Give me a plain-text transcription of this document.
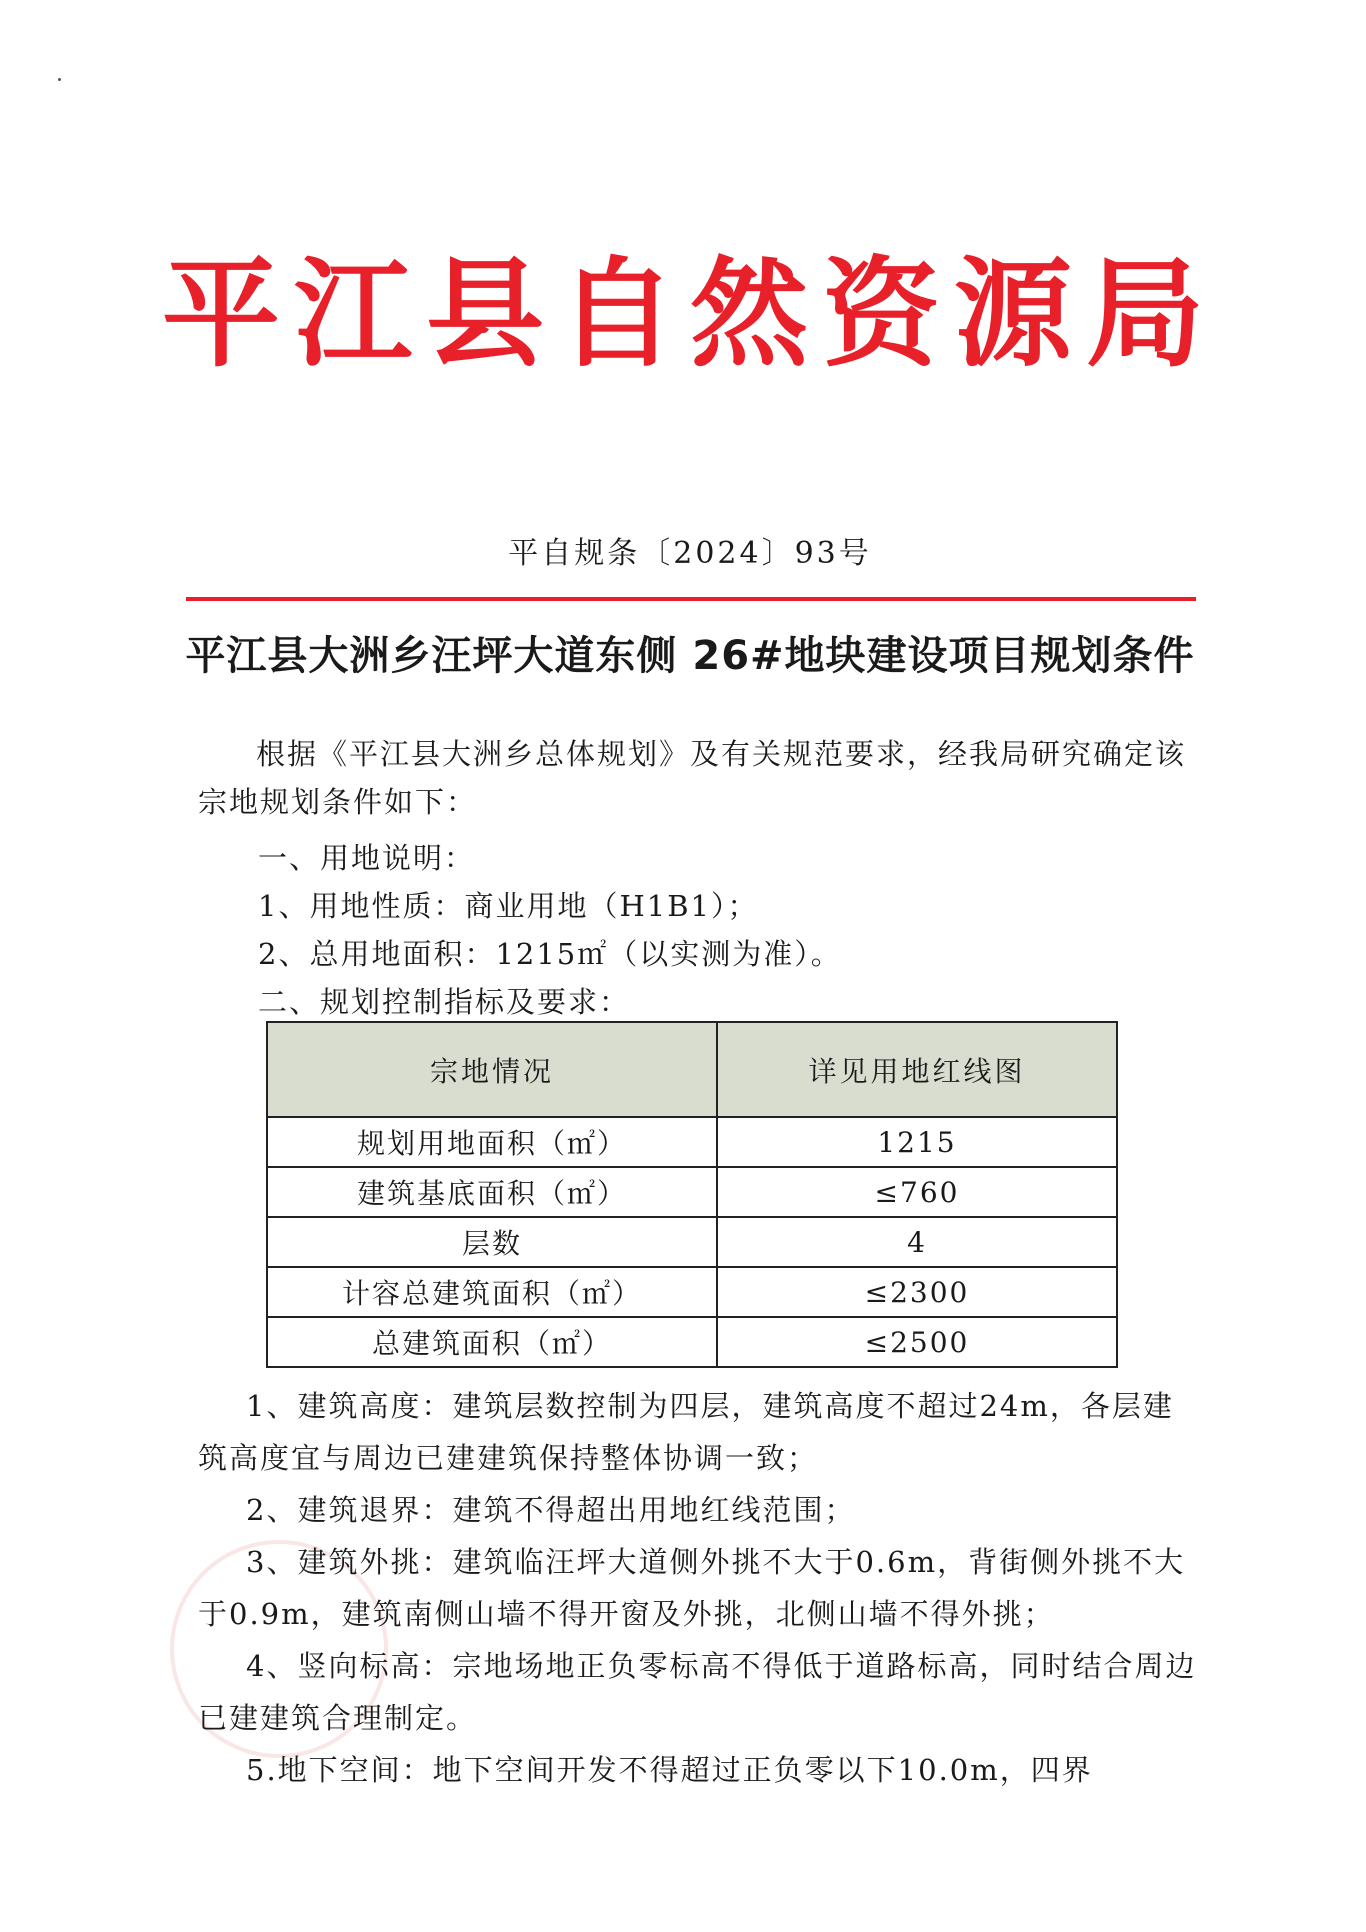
平江县自然资源局
平自规条〔2024〕93号
平江县大洲乡汪坪大道东侧 26#地块建设项目规划条件

根据《平江县大洲乡总体规划》及有关规范要求，经我局研究确定该宗地规划条件如下：

一、用地说明：
1、用地性质：商业用地（H1B1）；
2、总用地面积：1215㎡（以实测为准）。
二、规划控制指标及要求：
宗地情况	详见用地红线图
规划用地面积（㎡）	1215
建筑基底面积（㎡）	≤760
层数	4
计容总建筑面积（㎡）	≤2300
总建筑面积（㎡）	≤2500

1、建筑高度：建筑层数控制为四层，建筑高度不超过24m，各层建筑高度宜与周边已建建筑保持整体协调一致；

2、建筑退界：建筑不得超出用地红线范围；

3、建筑外挑：建筑临汪坪大道侧外挑不大于0.6m，背街侧外挑不大于0.9m，建筑南侧山墙不得开窗及外挑，北侧山墙不得外挑；

4、竖向标高：宗地场地正负零标高不得低于道路标高，同时结合周边已建建筑合理制定。

5.地下空间：地下空间开发不得超过正负零以下10.0m，四界
